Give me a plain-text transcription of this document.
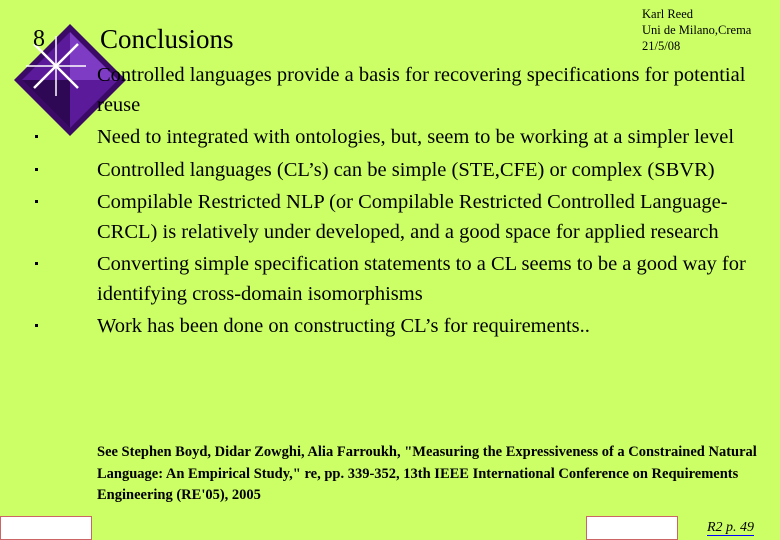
8 Conclusions
Karl Reed
Uni de Milano,Crema
21/5/08
Controlled languages provide a basis for recovering specifications for potential reuse
Need to integrated with ontologies, but, seem to be working at a simpler level
Controlled languages (CL’s) can be simple (STE,CFE) or complex (SBVR)
Compilable Restricted NLP (or Compilable Restricted Controlled Language-CRCL) is relatively under developed, and a good space for applied research
Converting simple specification statements to a CL seems to be a good way for identifying cross-domain isomorphisms
Work has been done on constructing CL’s for requirements..
See Stephen Boyd, Didar Zowghi, Alia Farroukh, "Measuring the Expressiveness of a Constrained Natural Language: An Empirical Study," re, pp. 339-352, 13th IEEE International Conference on Requirements Engineering (RE'05), 2005
R2 p. 49
